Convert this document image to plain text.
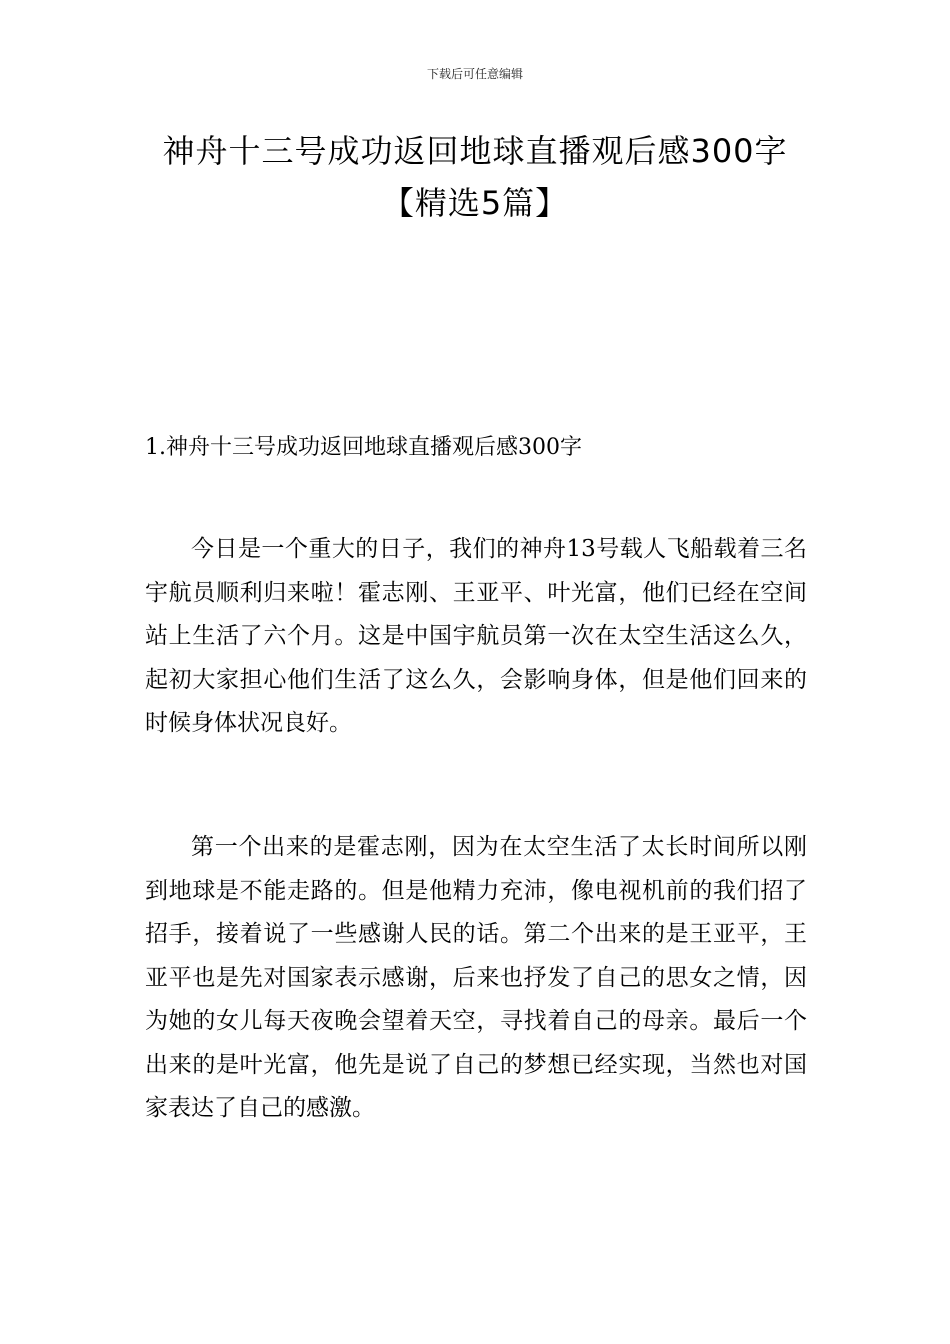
下载后可任意编辑
神舟十三号成功返回地球直播观后感300字【精选5篇】
1.神舟十三号成功返回地球直播观后感300字

今日是一个重大的日子，我们的神舟13号载人飞船载着三名宇航员顺利归来啦！霍志刚、王亚平、叶光富，他们已经在空间站上生活了六个月。这是中国宇航员第一次在太空生活这么久，起初大家担心他们生活了这么久，会影响身体，但是他们回来的时候身体状况良好。

第一个出来的是霍志刚，因为在太空生活了太长时间所以刚到地球是不能走路的。但是他精力充沛，像电视机前的我们招了招手，接着说了一些感谢人民的话。第二个出来的是王亚平，王亚平也是先对国家表示感谢，后来也抒发了自己的思女之情，因为她的女儿每天夜晚会望着天空，寻找着自己的母亲。最后一个出来的是叶光富，他先是说了自己的梦想已经实现，当然也对国家表达了自己的感激。
